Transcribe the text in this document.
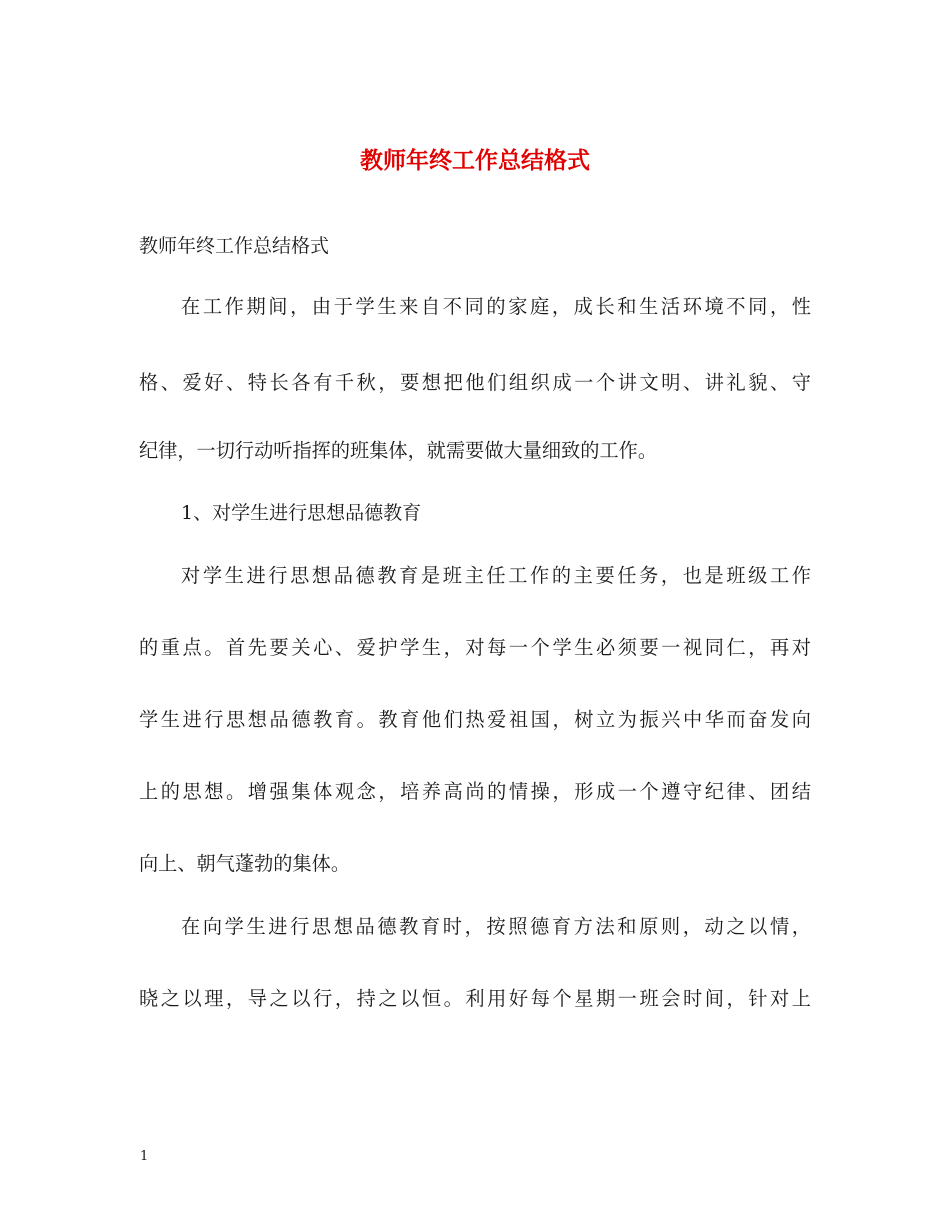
教师年终工作总结格式
教师年终工作总结格式
在工作期间，由于学生来自不同的家庭，成长和生活环境不同，性
格、爱好、特长各有千秋，要想把他们组织成一个讲文明、讲礼貌、守
纪律，一切行动听指挥的班集体，就需要做大量细致的工作。
1、对学生进行思想品德教育
对学生进行思想品德教育是班主任工作的主要任务，也是班级工作
的重点。首先要关心、爱护学生，对每一个学生必须要一视同仁，再对
学生进行思想品德教育。教育他们热爱祖国，树立为振兴中华而奋发向
上的思想。增强集体观念，培养高尚的情操，形成一个遵守纪律、团结
向上、朝气蓬勃的集体。
在向学生进行思想品德教育时，按照德育方法和原则，动之以情，
晓之以理，导之以行，持之以恒。利用好每个星期一班会时间，针对上
1
